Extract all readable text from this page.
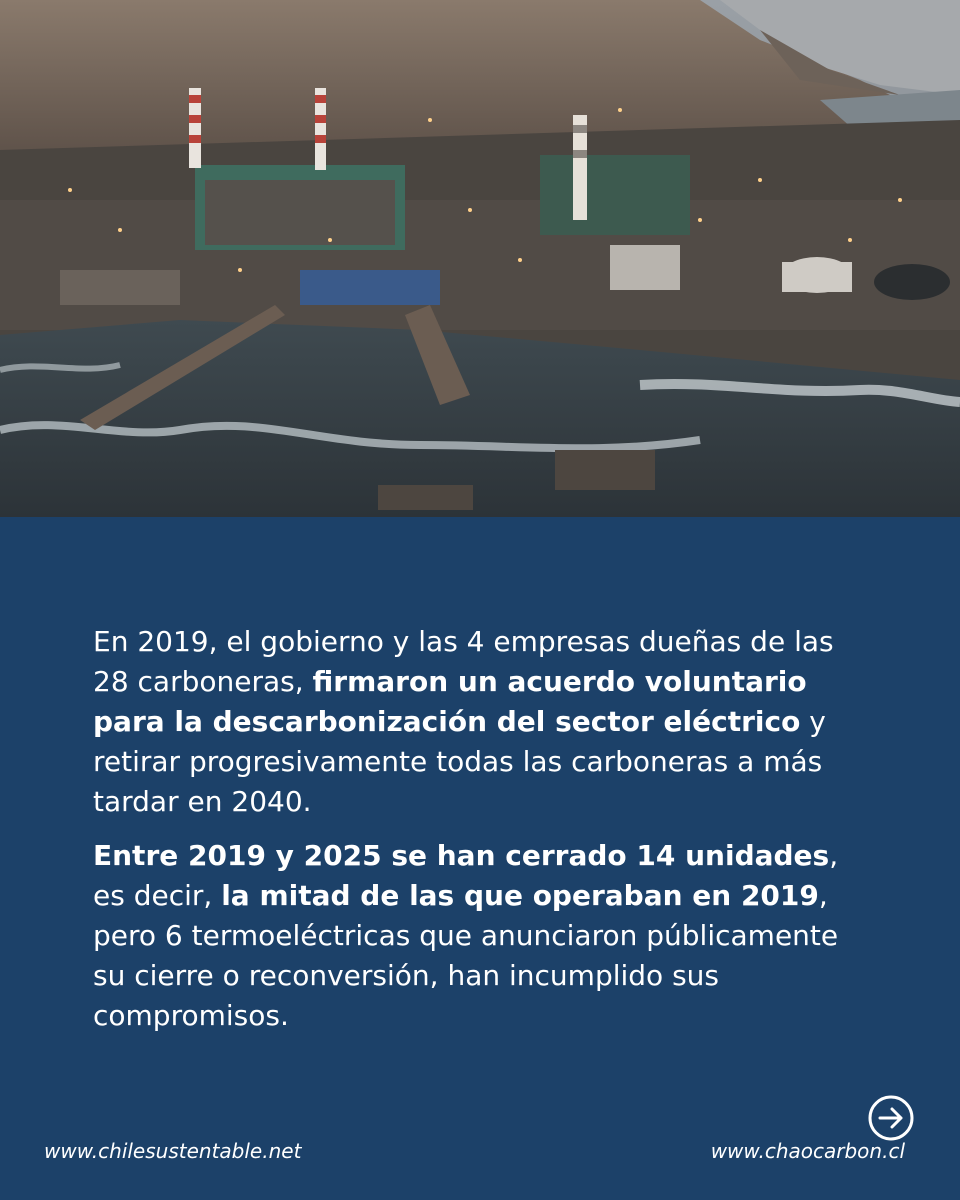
En 2019, el gobierno y las 4 empresas dueñas de las 28 carboneras, firmaron un acuerdo voluntario para la descarbonización del sector eléctrico y retirar progresivamente todas las carboneras a más tardar en 2040.

Entre 2019 y 2025 se han cerrado 14 unidades, es decir, la mitad de las que operaban en 2019, pero 6 termoeléctricas que anunciaron públicamente su cierre o reconversión, han incumplido sus compromisos.

www.chilesustentable.net	www.chaocarbon.cl
